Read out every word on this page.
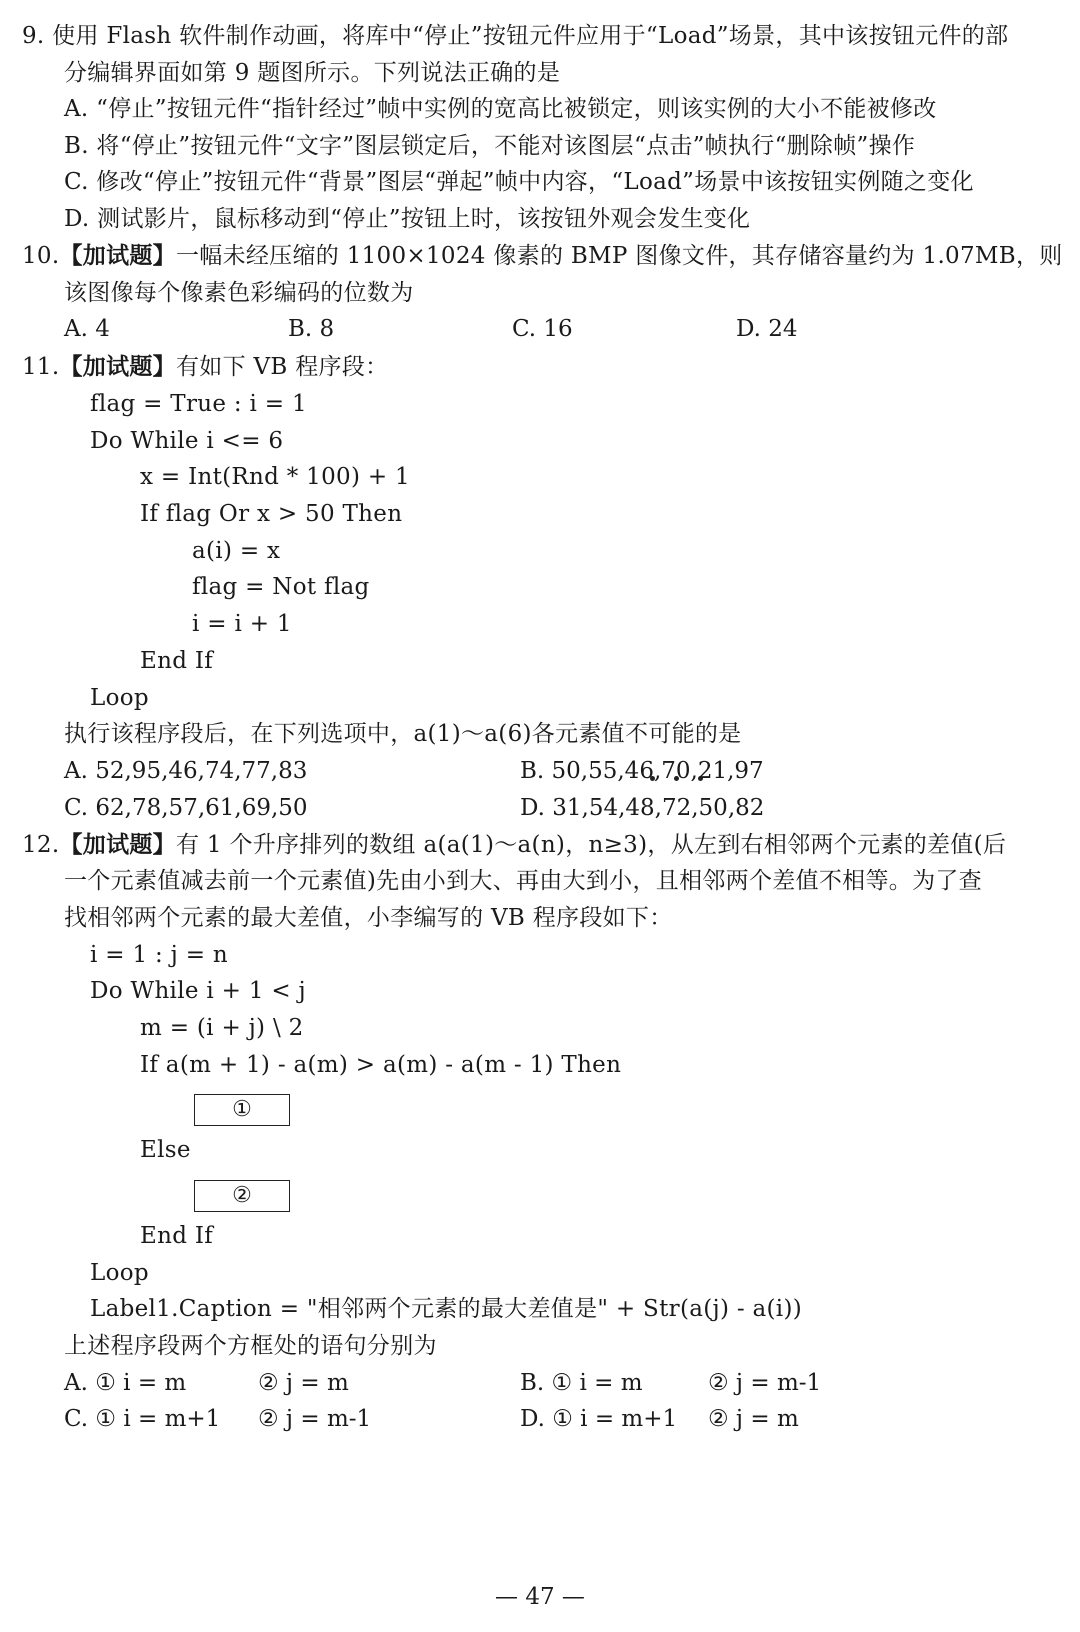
9. 使用 Flash 软件制作动画，将库中“停止”按钮元件应用于“Load”场景，其中该按钮元件的部
分编辑界面如第 9 题图所示。下列说法正确的是
A. “停止”按钮元件“指针经过”帧中实例的宽高比被锁定，则该实例的大小不能被修改
B. 将“停止”按钮元件“文字”图层锁定后，不能对该图层“点击”帧执行“删除帧”操作
C. 修改“停止”按钮元件“背景”图层“弹起”帧中内容，“Load”场景中该按钮实例随之变化
D. 测试影片，鼠标移动到“停止”按钮上时，该按钮外观会发生变化
10.【加试题】一幅未经压缩的 1100×1024 像素的 BMP 图像文件，其存储容量约为 1.07MB，则
该图像每个像素色彩编码的位数为
A. 4	B. 8	C. 16	D. 24
11.【加试题】有如下 VB 程序段：
flag = True : i = 1
Do While i <= 6
x = Int(Rnd * 100) + 1
If flag Or x > 50 Then
a(i) = x
flag = Not flag
i = i + 1
End If
Loop
执行该程序段后，在下列选项中，a(1)～a(6)各元素值不可能的是
A. 52,95,46,74,77,83	B. 50,55,46,70,21,97
C. 62,78,57,61,69,50	D. 31,54,48,72,50,82
12.【加试题】有 1 个升序排列的数组 a(a(1)～a(n)，n≥3)，从左到右相邻两个元素的差值(后
一个元素值减去前一个元素值)先由小到大、再由大到小，且相邻两个差值不相等。为了查
找相邻两个元素的最大差值，小李编写的 VB 程序段如下：
i = 1 : j = n
Do While i + 1 < j
m = (i + j) \ 2
If a(m + 1) - a(m) > a(m) - a(m - 1) Then
①
Else
②
End If
Loop
Label1.Caption = "相邻两个元素的最大差值是" + Str(a(j) - a(i))
上述程序段两个方框处的语句分别为
A. ① i = m	② j = m	B. ① i = m	② j = m-1
C. ① i = m+1 ② j = m-1	D. ① i = m+1 ② j = m
— 47 —
